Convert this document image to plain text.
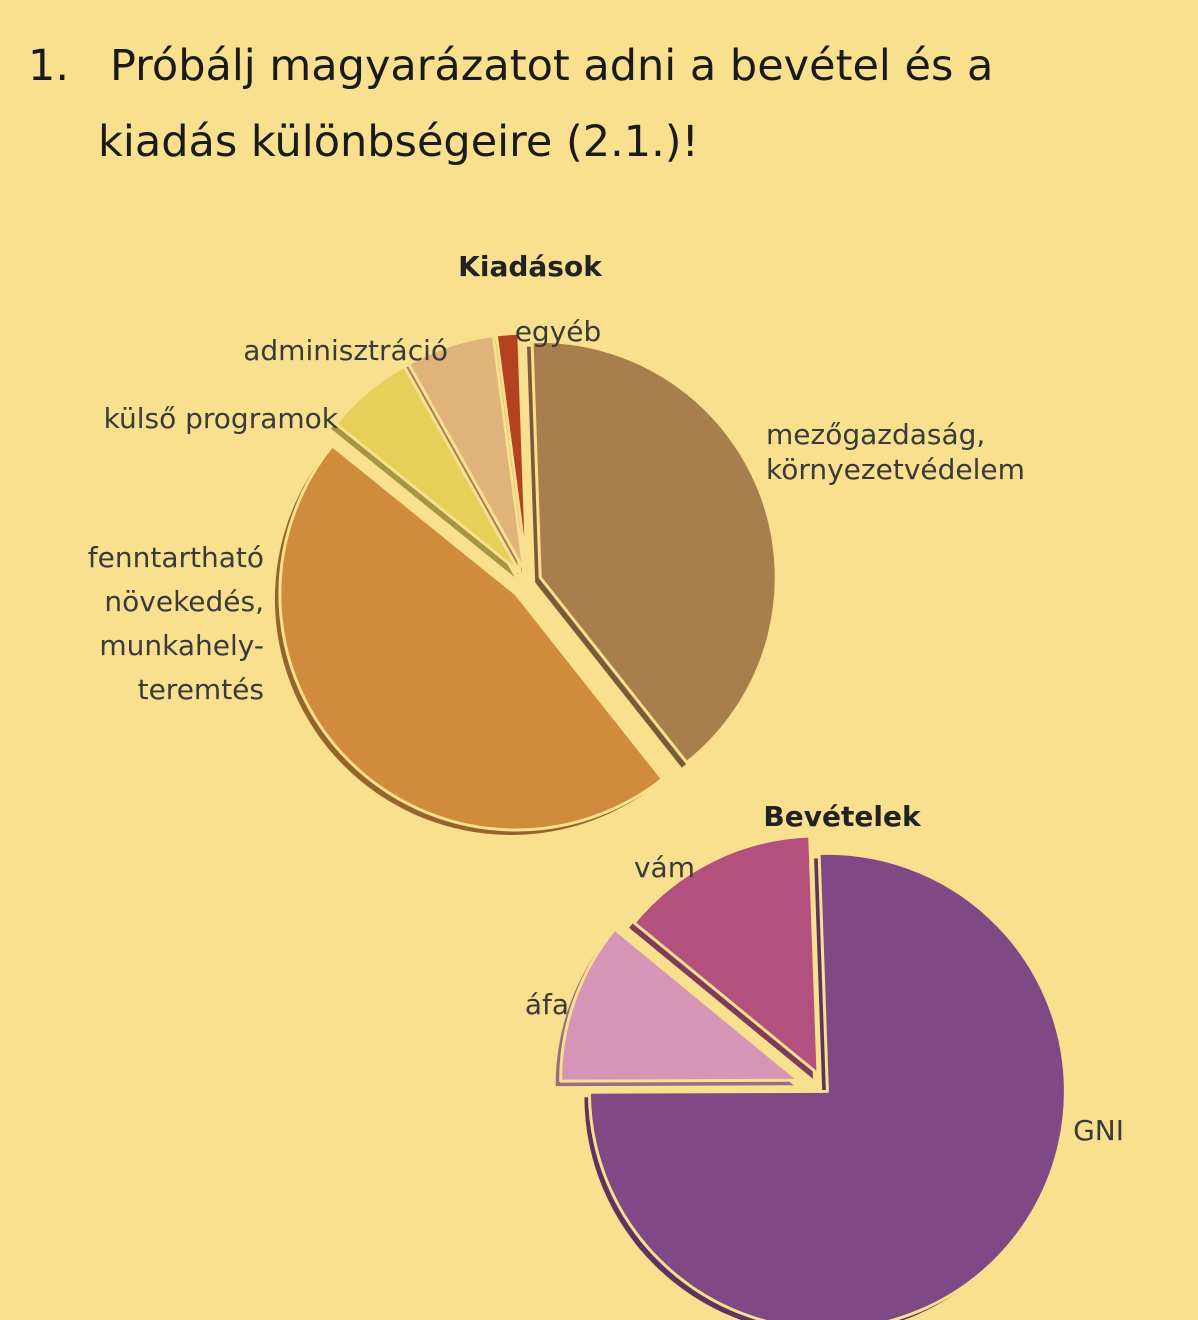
1. Próbálj magyarázatot adni a bevétel és a
kiadás különbségeire (2.1.)!
Kiadások
mezőgazdaság, környezetvédelem
fenntartható növekedés, munkahely-teremtés
külső programok
adminisztráció
egyéb
Bevételek
GNI
áfa
vám
